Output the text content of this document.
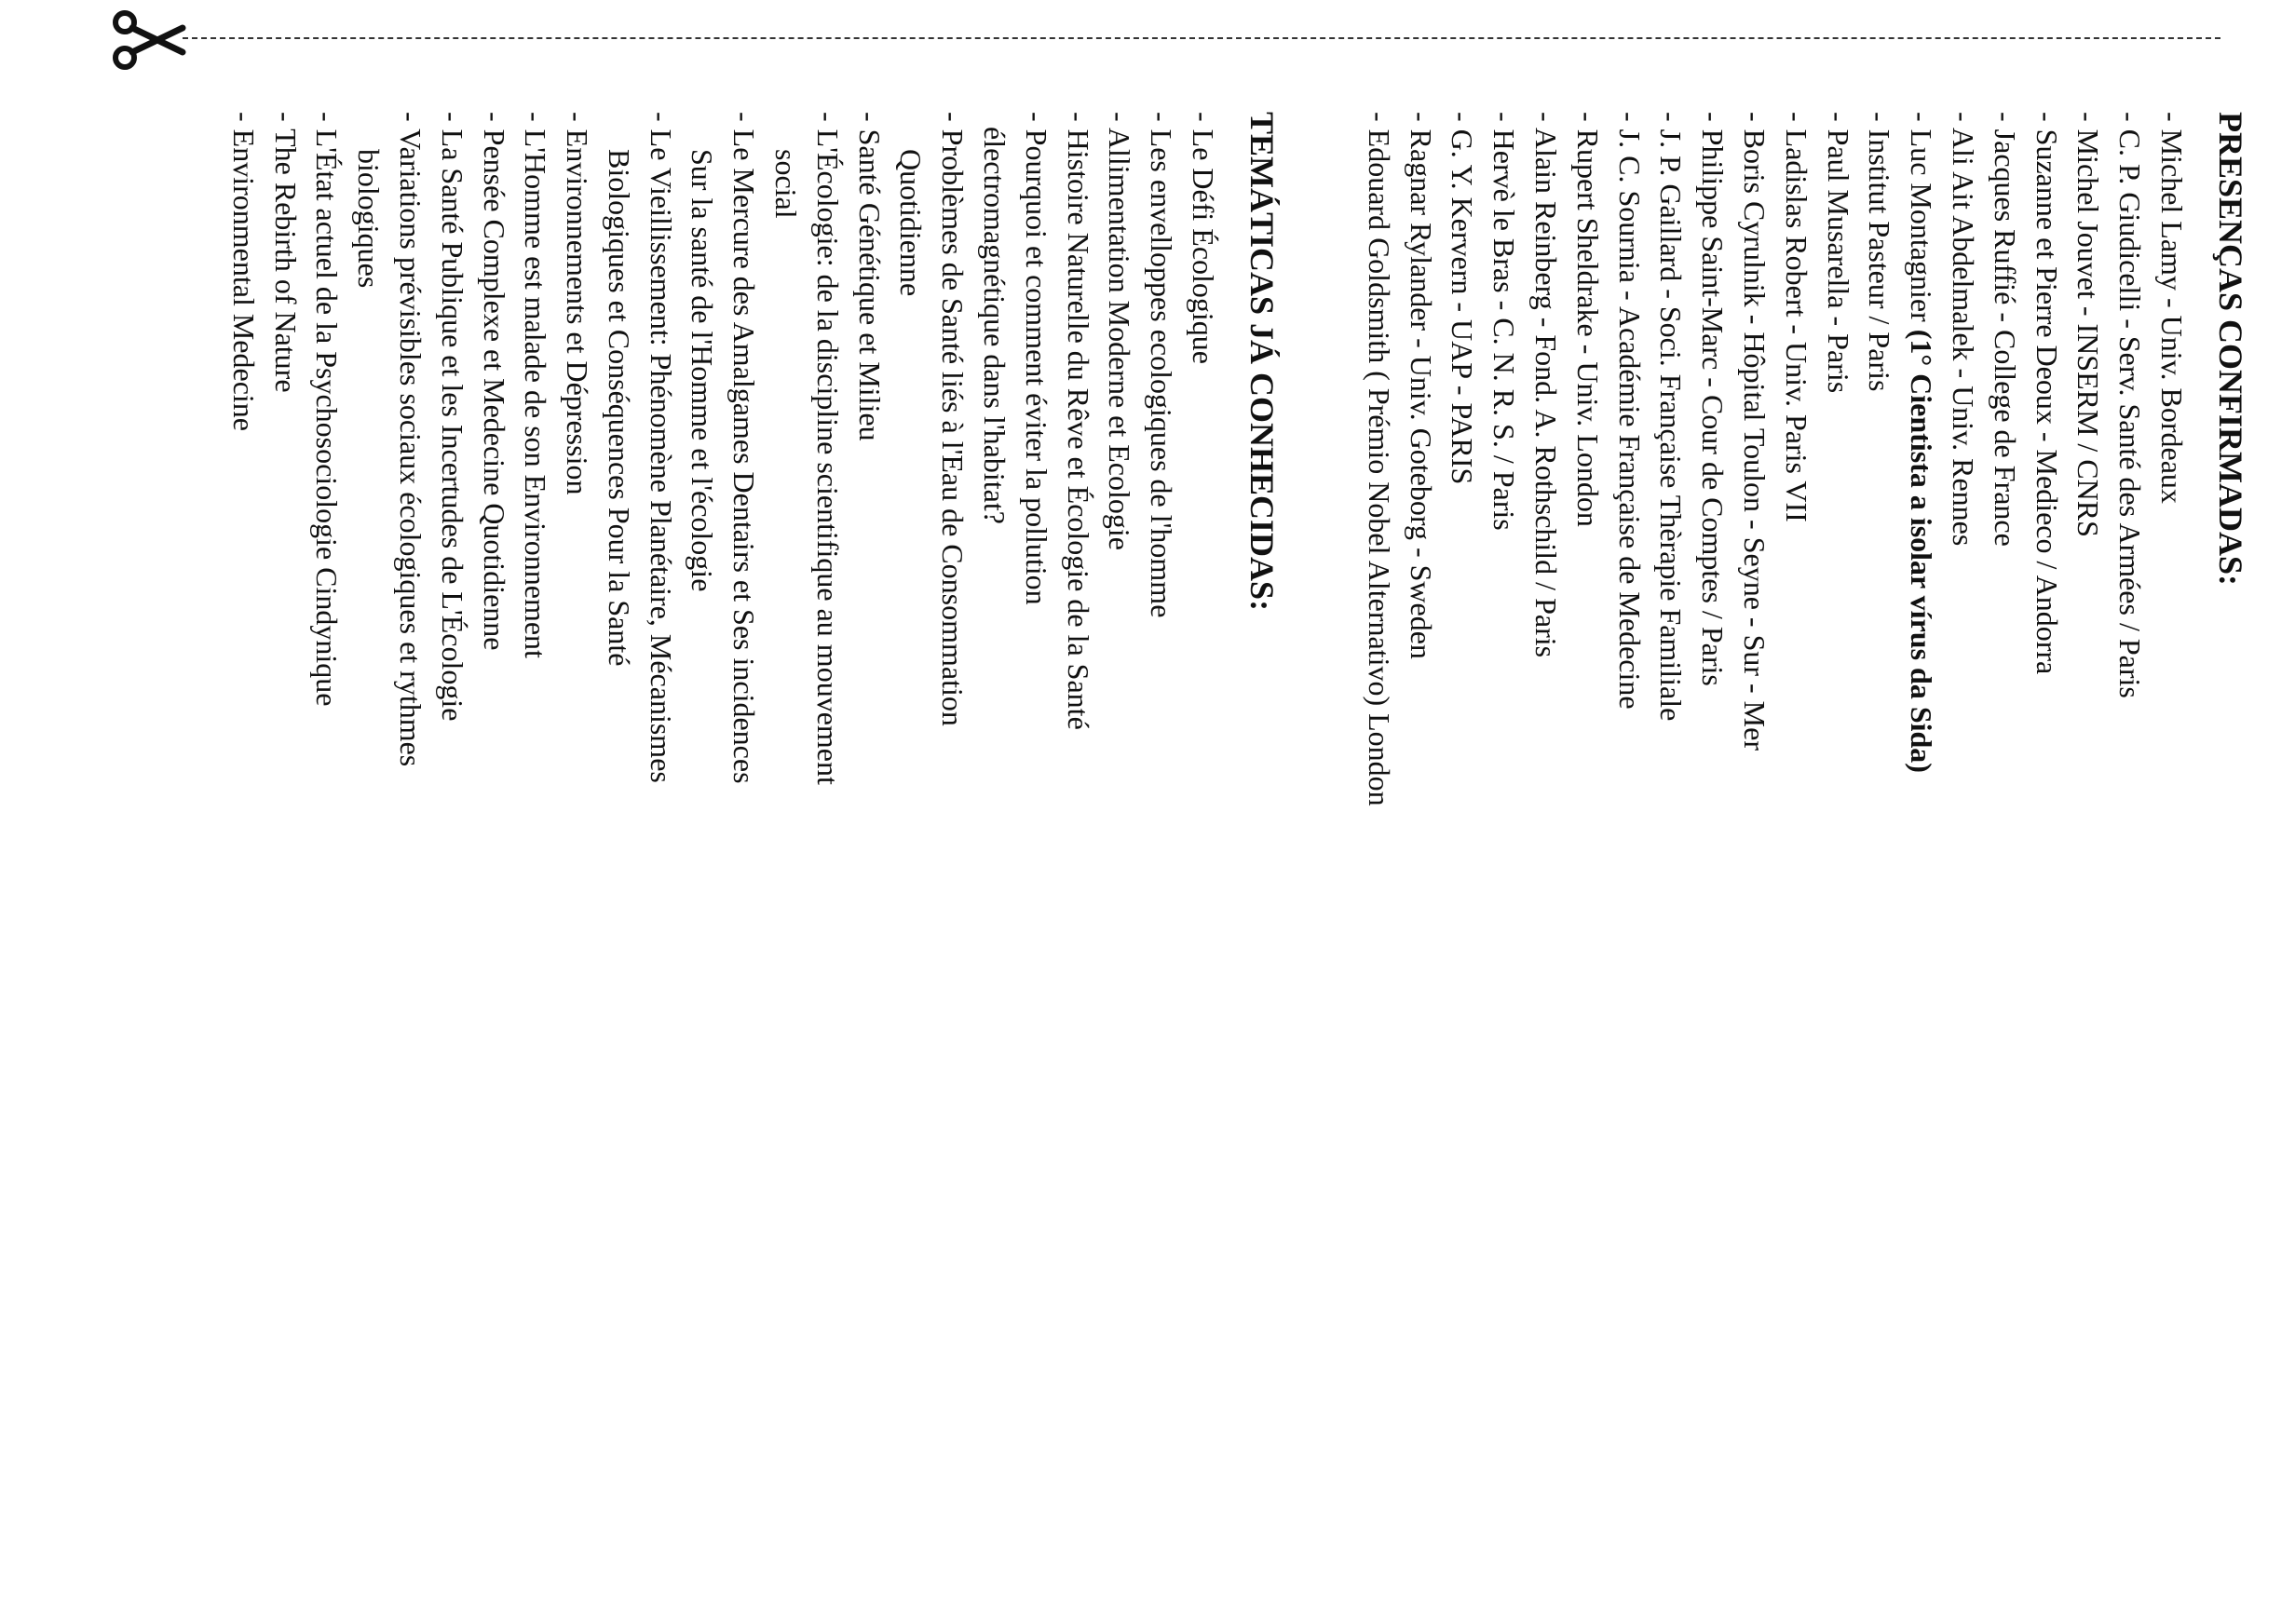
PRESENÇAS CONFIRMADAS:
- Michel Lamy - Univ. Bordeaux
- C. P. Giudicelli - Serv. Santé des Armées / Paris
- Michel Jouvet - INSERM / CNRS
- Suzanne et Pierre Deoux - Medieco / Andorra
- Jacques Ruffié - College de France
- Ali Ait Abdelmalek - Univ. Rennes
- Luc Montagnier (1° Cientista a isolar vírus da Sida)
- Institut Pasteur / Paris
- Paul Musarella - Paris
- Ladislas Robert - Univ. Paris VII
- Boris Cyrulnik - Hôpital Toulon - Seyne - Sur - Mer
- Philippe Saint-Marc - Cour de Comptes / Paris
- J. P. Gaillard - Soci. Française Thèrapie Familiale
- J. C. Sournia - Académie Française de Medecine
- Rupert Sheldrake - Univ. London
- Alain Reinberg - Fond. A. Rothschild / Paris
- Hervè le Bras - C. N. R. S. / Paris
- G. Y. Kervern - UAP - PARIS
- Ragnar Rylander - Univ. Goteborg - Sweden
- Edouard Goldsmith ( Prémio Nobel Alternativo) London
TEMÁTICAS JÁ CONHECIDAS:
- Le Défi Écologique
- Les envelloppes ecologiques de l'homme
- Allimentation Moderne et Ecologie
- Histoire Naturelle du Rêve et Écologie de la Santé
- Pourquoi et comment éviter la pollution
électromagnétique dans l'habitat?
- Problèmes de Santé liés à l'Eau de Consommation
Quotidienne
- Santé Génétique et Milieu
- L'Écologie: de la discipline scientifique au mouvement
social
- Le Mercure des Amalgames Dentairs et Ses incidences
Sur la santé de l'Homme et l'écologie
- Le Vieillissement: Phénomène Planétaire, Mécanismes
Biologiques et Conséquences Pour la Santé
- Environnements et Dépression
- L'Homme est malade de son Environnement
- Pensée Complexe et Medecine Quotidienne
- La Santé Publique et les Incertudes de L'Écologie
- Variations prévisibles sociaux écologiques et rythmes
biologiques
- L'État actuel de la Psychosociologie Cindynique
- The Rebirth of Nature
- Environmental Medecine
